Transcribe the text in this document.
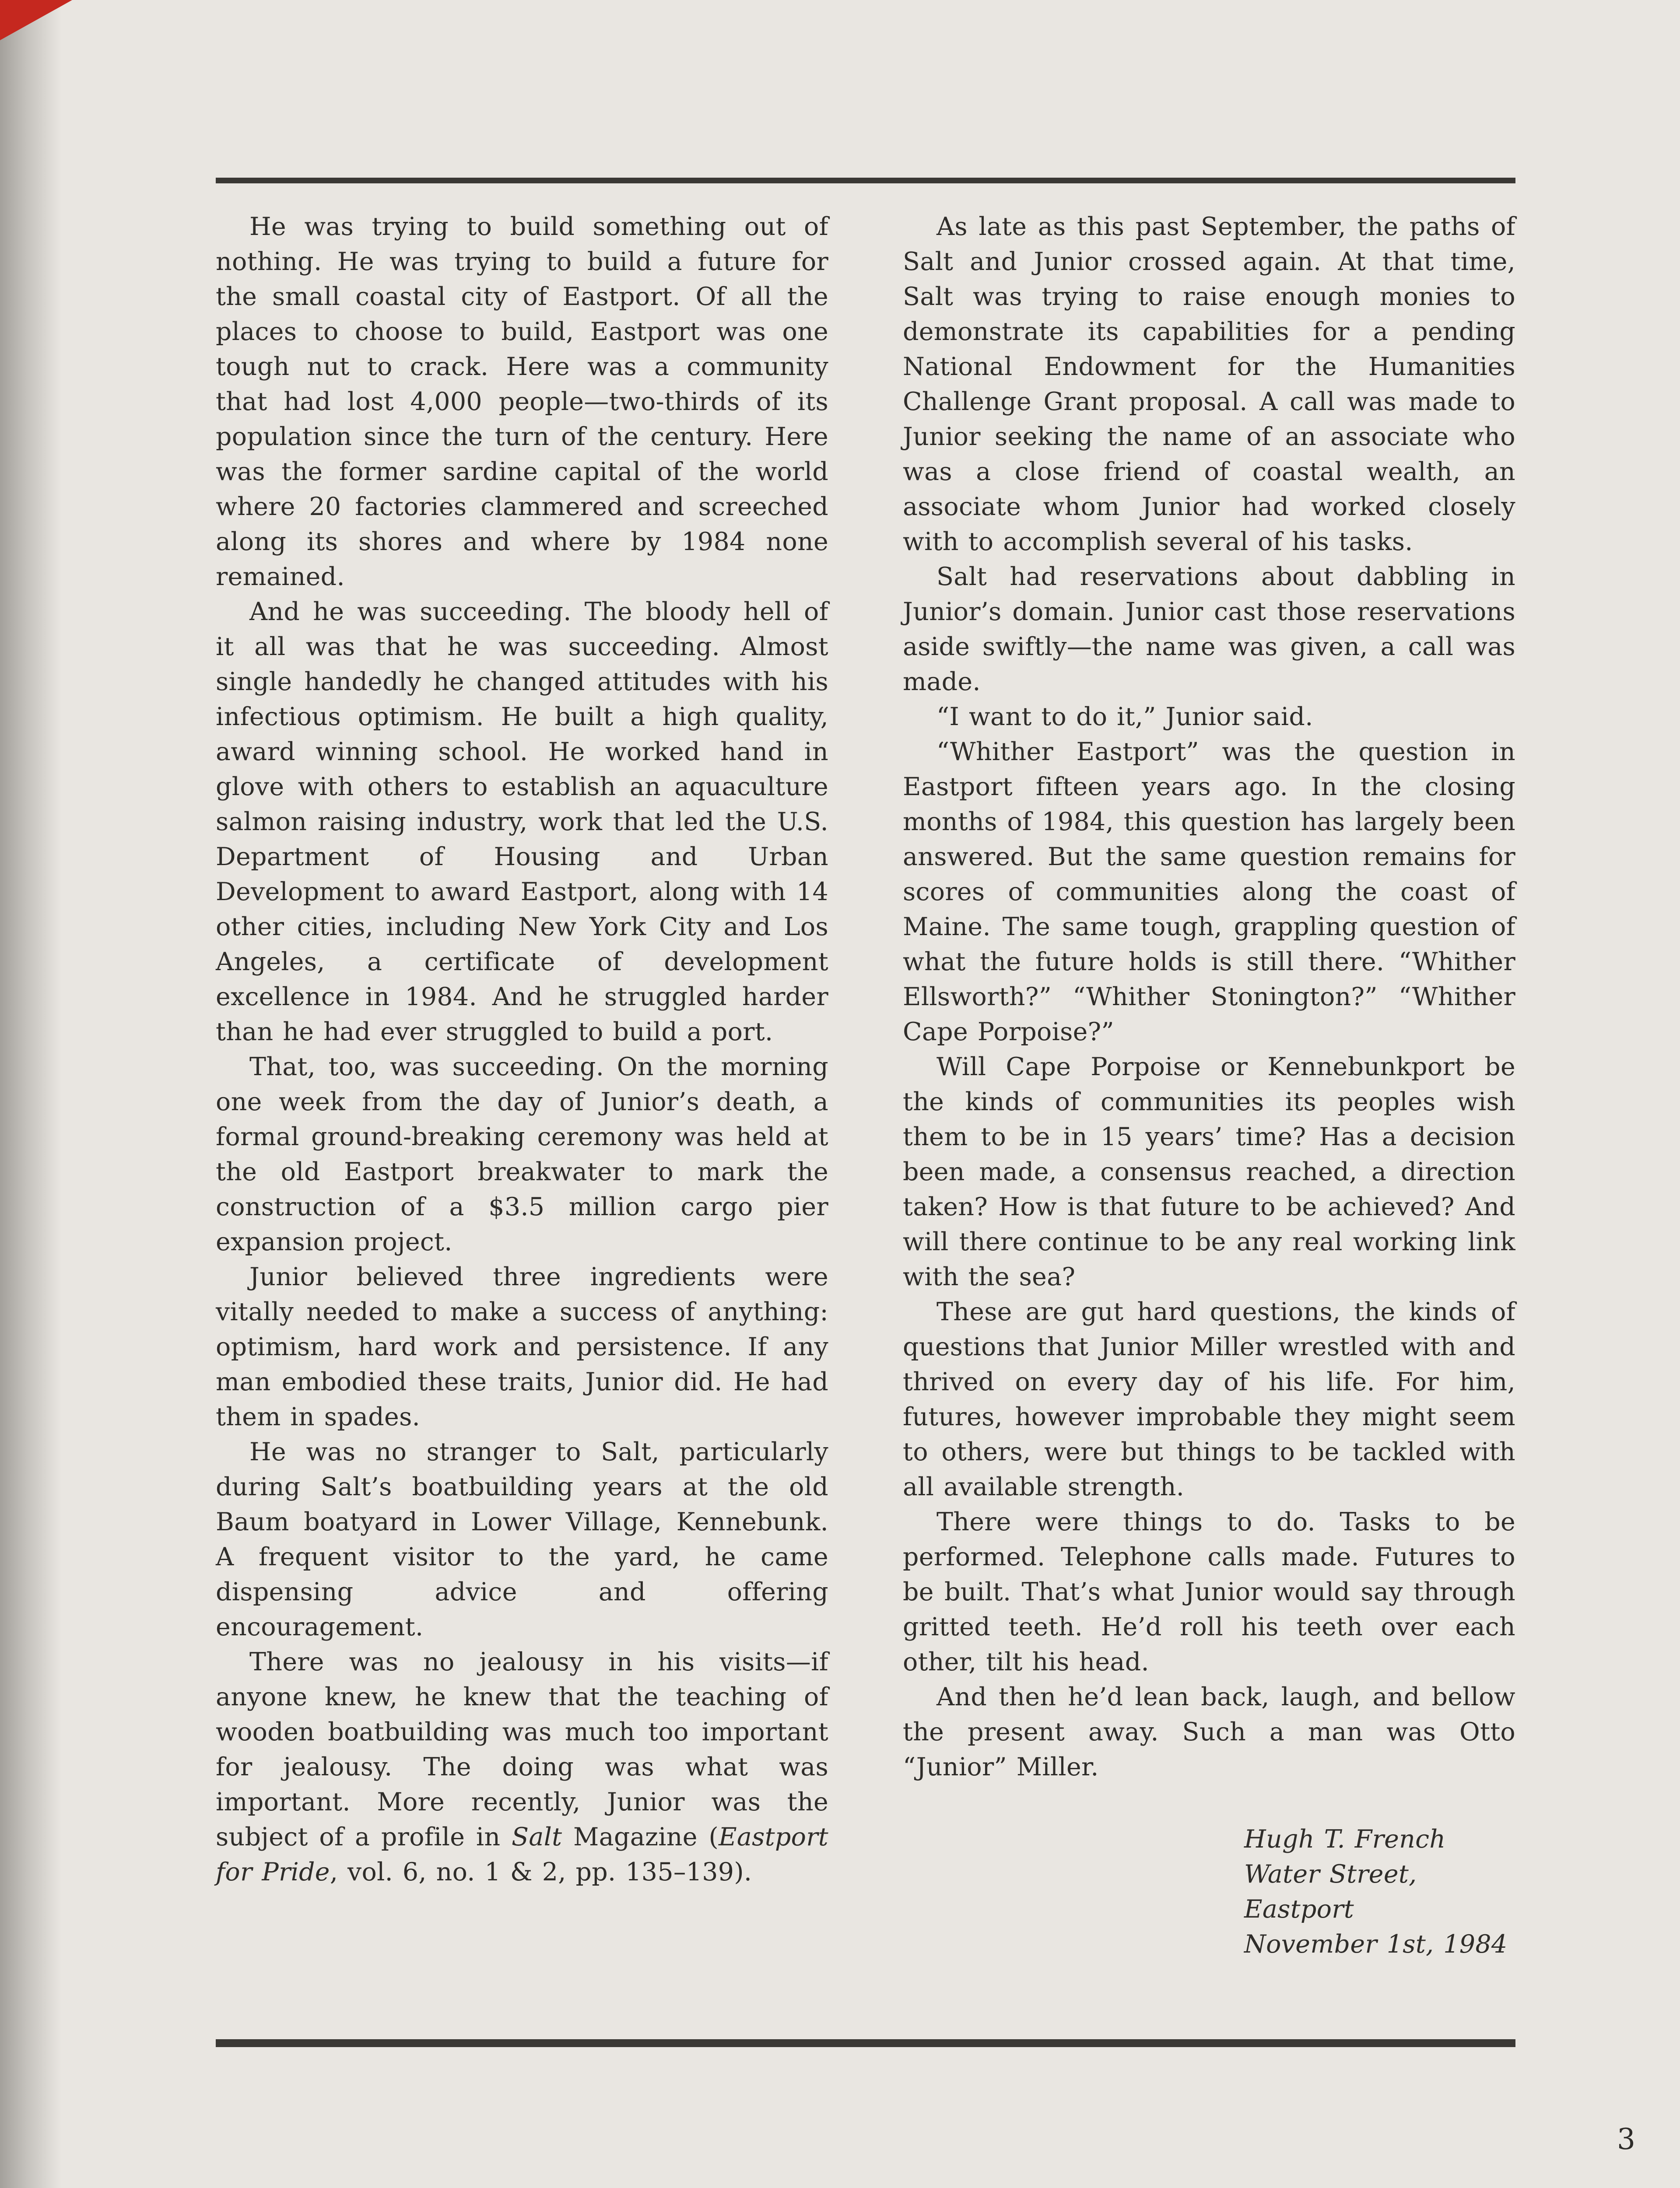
He was trying to build something out of nothing. He was trying to build a future for the small coastal city of Eastport. Of all the places to choose to build, Eastport was one tough nut to crack. Here was a community that had lost 4,000 people—two-thirds of its population since the turn of the century. Here was the former sardine capital of the world where 20 factories clammered and screeched along its shores and where by 1984 none remained.

And he was succeeding. The bloody hell of it all was that he was succeeding. Almost single handedly he changed attitudes with his infectious optimism. He built a high quality, award winning school. He worked hand in glove with others to establish an aquaculture salmon raising industry, work that led the U.S. Department of Housing and Urban Development to award Eastport, along with 14 other cities, including New York City and Los Angeles, a certificate of development excellence in 1984. And he struggled harder than he had ever struggled to build a port.

That, too, was succeeding. On the morning one week from the day of Junior’s death, a formal ground-breaking ceremony was held at the old Eastport breakwater to mark the construction of a $3.5 million cargo pier expansion project.

Junior believed three ingredients were vitally needed to make a success of anything: optimism, hard work and persistence. If any man embodied these traits, Junior did. He had them in spades.

He was no stranger to Salt, particularly during Salt’s boatbuilding years at the old Baum boatyard in Lower Village, Kennebunk. A frequent visitor to the yard, he came dispensing advice and offering encouragement.

There was no jealousy in his visits—if anyone knew, he knew that the teaching of wooden boatbuilding was much too important for jealousy. The doing was what was important. More recently, Junior was the subject of a profile in Salt Magazine (Eastport for Pride, vol. 6, no. 1 & 2, pp. 135–139).

As late as this past September, the paths of Salt and Junior crossed again. At that time, Salt was trying to raise enough monies to demonstrate its capabilities for a pending National Endowment for the Humanities Challenge Grant proposal. A call was made to Junior seeking the name of an associate who was a close friend of coastal wealth, an associate whom Junior had worked closely with to accomplish several of his tasks.

Salt had reservations about dabbling in Junior’s domain. Junior cast those reservations aside swiftly—the name was given, a call was made.

“I want to do it,” Junior said.

“Whither Eastport” was the question in Eastport fifteen years ago. In the closing months of 1984, this question has largely been answered. But the same question remains for scores of communities along the coast of Maine. The same tough, grappling question of what the future holds is still there. “Whither Ellsworth?” “Whither Stonington?” “Whither Cape Porpoise?”

Will Cape Porpoise or Kennebunkport be the kinds of communities its peoples wish them to be in 15 years’ time? Has a decision been made, a consensus reached, a direction taken? How is that future to be achieved? And will there continue to be any real working link with the sea?

These are gut hard questions, the kinds of questions that Junior Miller wrestled with and thrived on every day of his life. For him, futures, however improbable they might seem to others, were but things to be tackled with all available strength.

There were things to do. Tasks to be performed. Telephone calls made. Futures to be built. That’s what Junior would say through gritted teeth. He’d roll his teeth over each other, tilt his head.

And then he’d lean back, laugh, and bellow the present away. Such a man was Otto “Junior” Miller.

Hugh T. French
Water Street, Eastport
November 1st, 1984
3
